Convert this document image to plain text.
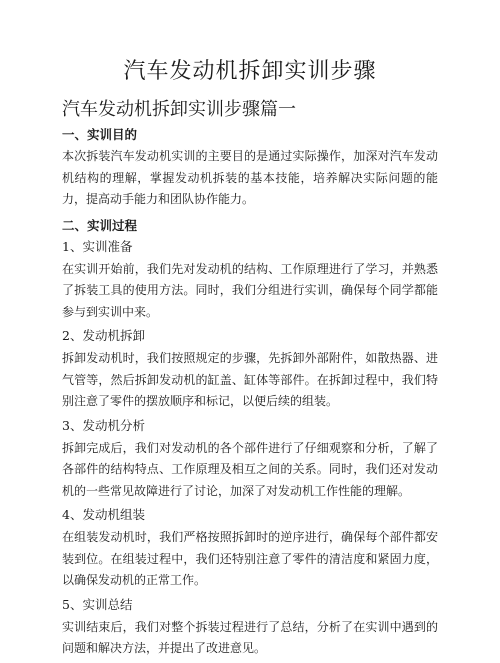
汽车发动机拆卸实训步骤
汽车发动机拆卸实训步骤篇一
一、实训目的

本次拆装汽车发动机实训的主要目的是通过实际操作，加深对汽车发动机结构的理解，掌握发动机拆装的基本技能，培养解决实际问题的能力，提高动手能力和团队协作能力。

二、实训过程
1、实训准备

在实训开始前，我们先对发动机的结构、工作原理进行了学习，并熟悉了拆装工具的使用方法。同时，我们分组进行实训，确保每个同学都能参与到实训中来。

2、发动机拆卸

拆卸发动机时，我们按照规定的步骤，先拆卸外部附件，如散热器、进气管等，然后拆卸发动机的缸盖、缸体等部件。在拆卸过程中，我们特别注意了零件的摆放顺序和标记，以便后续的组装。

3、发动机分析

拆卸完成后，我们对发动机的各个部件进行了仔细观察和分析，了解了各部件的结构特点、工作原理及相互之间的关系。同时，我们还对发动机的一些常见故障进行了讨论，加深了对发动机工作性能的理解。

4、发动机组装

在组装发动机时，我们严格按照拆卸时的逆序进行，确保每个部件都安装到位。在组装过程中，我们还特别注意了零件的清洁度和紧固力度，以确保发动机的正常工作。

5、实训总结

实训结束后，我们对整个拆装过程进行了总结，分析了在实训中遇到的问题和解决方法，并提出了改进意见。
